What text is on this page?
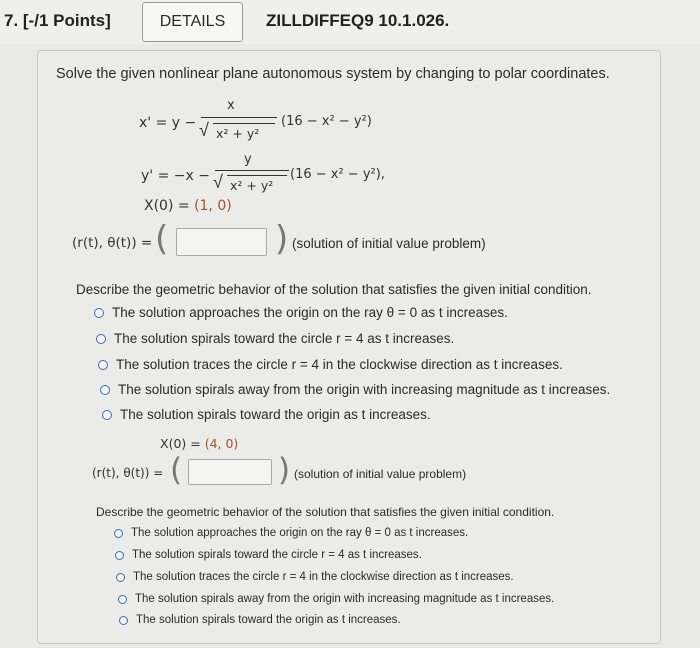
7. [-/1 Points]	DETAILS	ZILLDIFFEQ9 10.1.026.
Solve the given nonlinear plane autonomous system by changing to polar coordinates.
x' = y −
x
√ x² + y²
(16 − x² − y²)
y' = −x −
y
√ x² + y²
(16 − x² − y²),
X(0) = (1, 0)
(r(t), θ(t)) = (	) (solution of initial value problem)
Describe the geometric behavior of the solution that satisfies the given initial condition.
The solution approaches the origin on the ray θ = 0 as t increases.
The solution spirals toward the circle r = 4 as t increases.
The solution traces the circle r = 4 in the clockwise direction as t increases.
The solution spirals away from the origin with increasing magnitude as t increases.
The solution spirals toward the origin as t increases.
X(0) = (4, 0)
(r(t), θ(t)) = (	) (solution of initial value problem)
Describe the geometric behavior of the solution that satisfies the given initial condition.
The solution approaches the origin on the ray θ = 0 as t increases.
The solution spirals toward the circle r = 4 as t increases.
The solution traces the circle r = 4 in the clockwise direction as t increases.
The solution spirals away from the origin with increasing magnitude as t increases.
The solution spirals toward the origin as t increases.
